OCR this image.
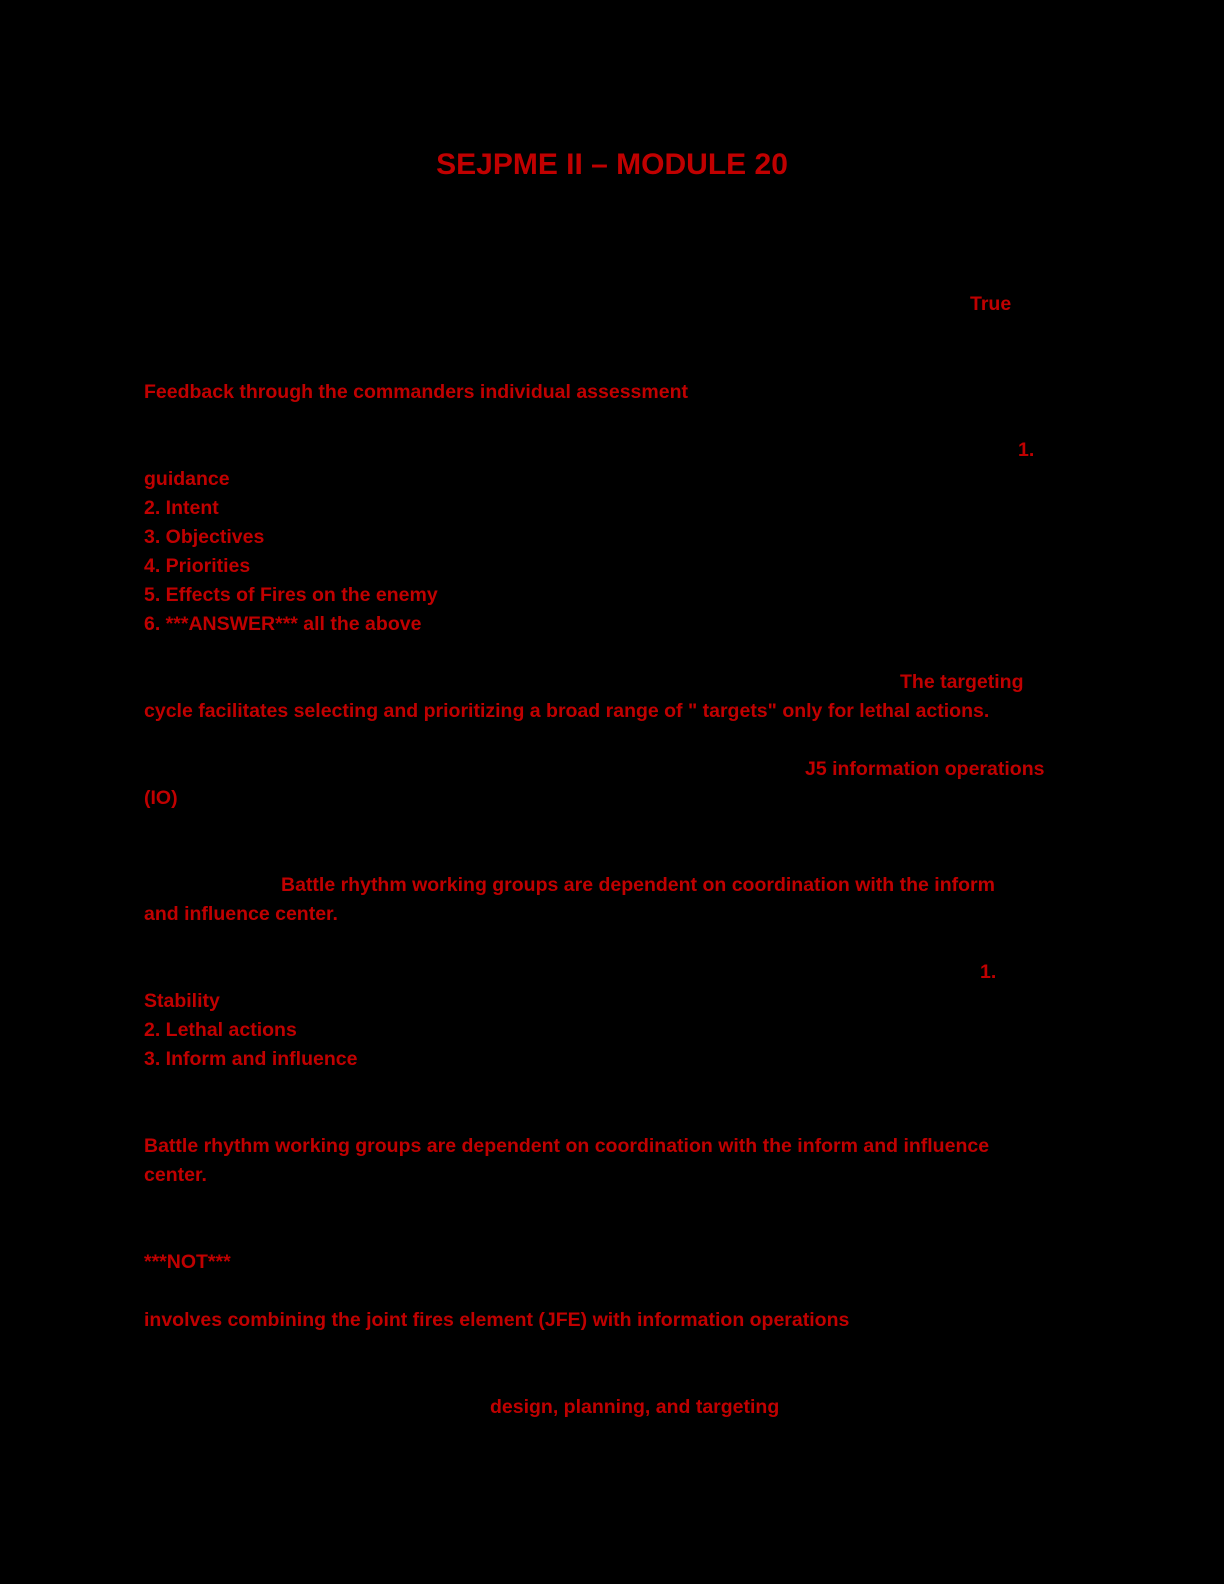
SEJPME II – MODULE 20
True
Feedback through the commanders individual assessment
1.
guidance
2. Intent
3. Objectives
4. Priorities
5. Effects of Fires on the enemy
6. ***ANSWER*** all the above
The targeting
cycle facilitates selecting and prioritizing a broad range of " targets" only for lethal actions.
J5 information operations
(IO)
Battle rhythm working groups are dependent on coordination with the inform
and influence center.
1.
Stability
2. Lethal actions
3. Inform and influence
Battle rhythm working groups are dependent on coordination with the inform and influence
center.
***NOT***
involves combining the joint fires element (JFE) with information operations
design, planning, and targeting
